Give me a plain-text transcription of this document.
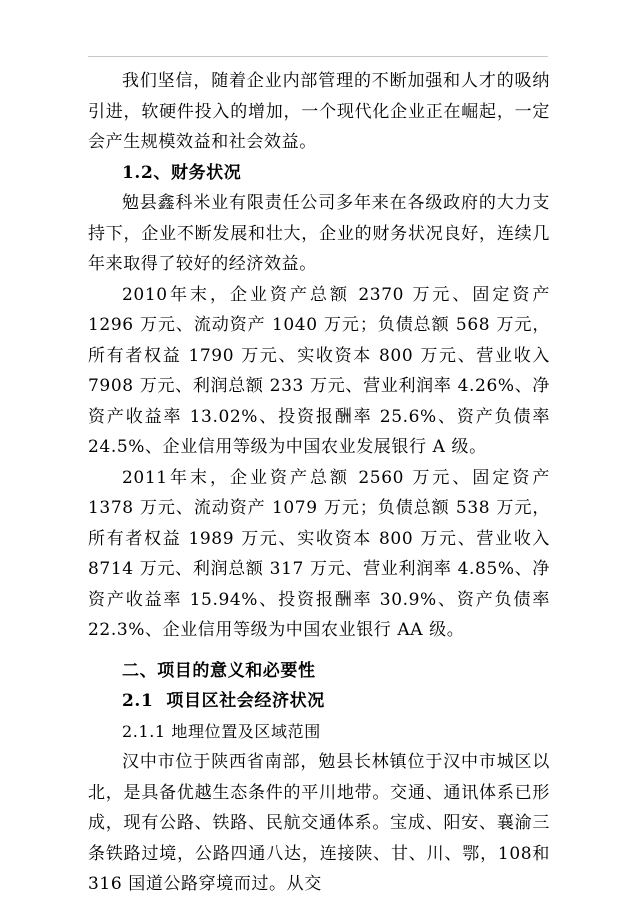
我们坚信，随着企业内部管理的不断加强和人才的吸纳引进，软硬件投入的增加，一个现代化企业正在崛起，一定会产生规模效益和社会效益。

1.2、财务状况

勉县鑫科米业有限责任公司多年来在各级政府的大力支持下，企业不断发展和壮大，企业的财务状况良好，连续几年来取得了较好的经济效益。

2010年末，企业资产总额 2370 万元、固定资产 1296 万元、流动资产 1040 万元；负债总额 568 万元，所有者权益 1790 万元、实收资本 800 万元、营业收入 7908 万元、利润总额 233 万元、营业利润率 4.26%、净资产收益率 13.02%、投资报酬率 25.6%、资产负债率 24.5%、企业信用等级为中国农业发展银行 A 级。

2011年末，企业资产总额 2560 万元、固定资产 1378 万元、流动资产 1079 万元；负债总额 538 万元，所有者权益 1989 万元、实收资本 800 万元、营业收入 8714 万元、利润总额 317 万元、营业利润率 4.85%、净资产收益率 15.94%、投资报酬率 30.9%、资产负债率 22.3%、企业信用等级为中国农业银行 AA 级。

二、项目的意义和必要性

2.1  项目区社会经济状况

2.1.1 地理位置及区域范围

汉中市位于陕西省南部，勉县长林镇位于汉中市城区以北，是具备优越生态条件的平川地带。交通、通讯体系已形成，现有公路、铁路、民航交通体系。宝成、阳安、襄渝三条铁路过境，公路四通八达，连接陕、甘、川、鄂，108和 316 国道公路穿境而过。从交
